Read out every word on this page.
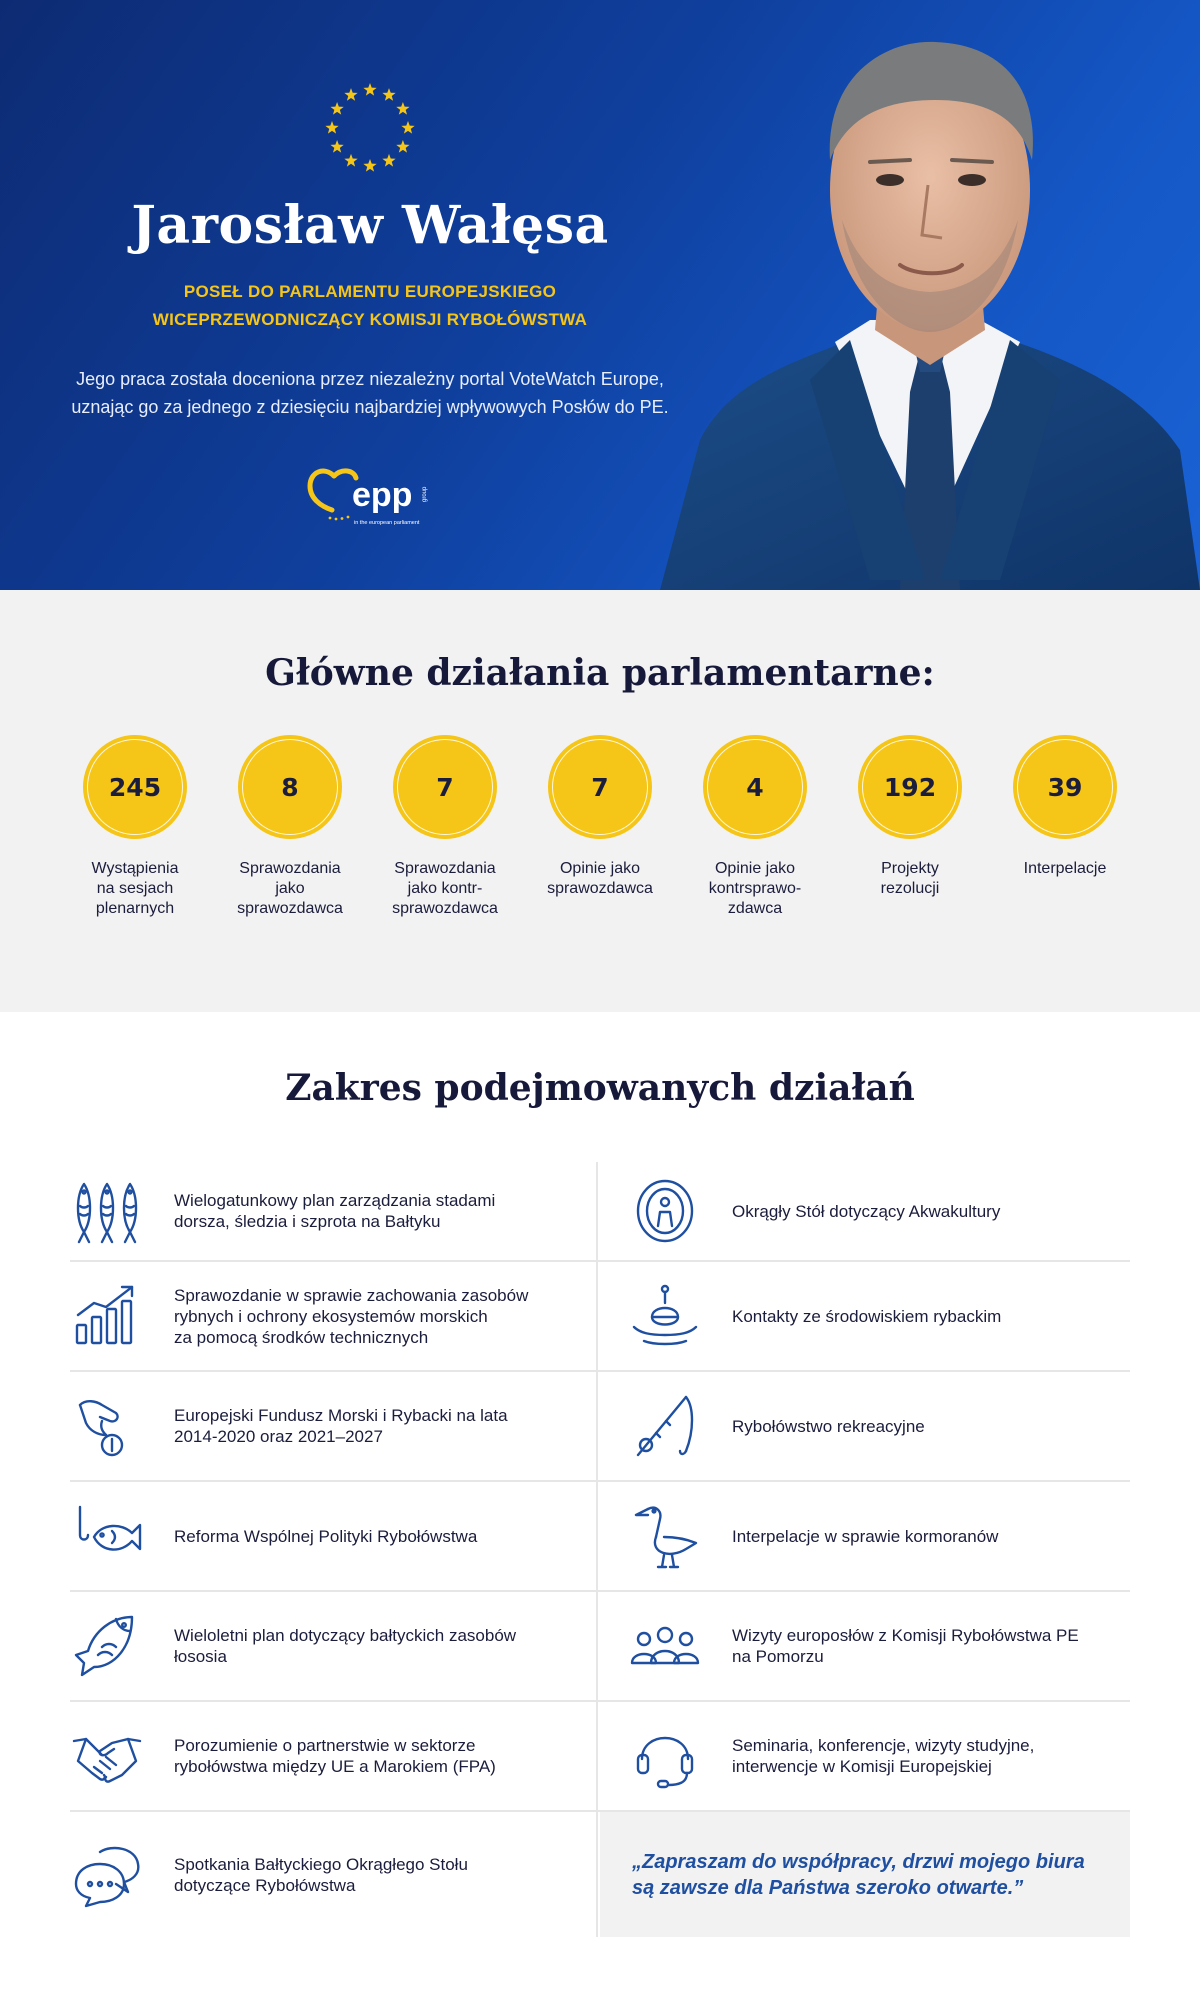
Jarosław Wałęsa
POSEŁ DO PARLAMENTU EUROPEJSKIEGO
WICEPRZEWODNICZĄCY KOMISJI RYBOŁÓWSTWA
Jego praca została doceniona przez niezależny portal VoteWatch Europe,
uznając go za jednego z dziesięciu najbardziej wpływowych Posłów do PE.
epp group
in the european parliament
Główne działania parlamentarne:
245
Wystąpienia
na sesjach
plenarnych
8
Sprawozdania
jako
sprawozdawca
7
Sprawozdania
jako kontr-
sprawozdawca
7
Opinie jako
sprawozdawca
4
Opinie jako
kontrsprawo-
zdawca
192
Projekty
rezolucji
39
Interpelacje
Zakres podejmowanych działań
Wielogatunkowy plan zarządzania stadami
dorsza, śledzia i szprota na Bałtyku
Okrągły Stół dotyczący Akwakultury
Sprawozdanie w sprawie zachowania zasobów
rybnych i ochrony ekosystemów morskich
za pomocą środków technicznych
Kontakty ze środowiskiem rybackim
Europejski Fundusz Morski i Rybacki na lata
2014-2020 oraz 2021–2027
Rybołówstwo rekreacyjne
Reforma Wspólnej Polityki Rybołówstwa	Interpelacje w sprawie kormoranów
Wieloletni plan dotyczący bałtyckich zasobów
łososia
Wizyty europosłów z Komisji Rybołówstwa PE
na Pomorzu
Porozumienie o partnerstwie w sektorze
rybołówstwa między UE a Marokiem (FPA)
Seminaria, konferencje, wizyty studyjne,
interwencje w Komisji Europejskiej
Spotkania Bałtyckiego Okrągłego Stołu
dotyczące Rybołówstwa
„Zapraszam do współpracy, drzwi mojego biura
są zawsze dla Państwa szeroko otwarte.”
